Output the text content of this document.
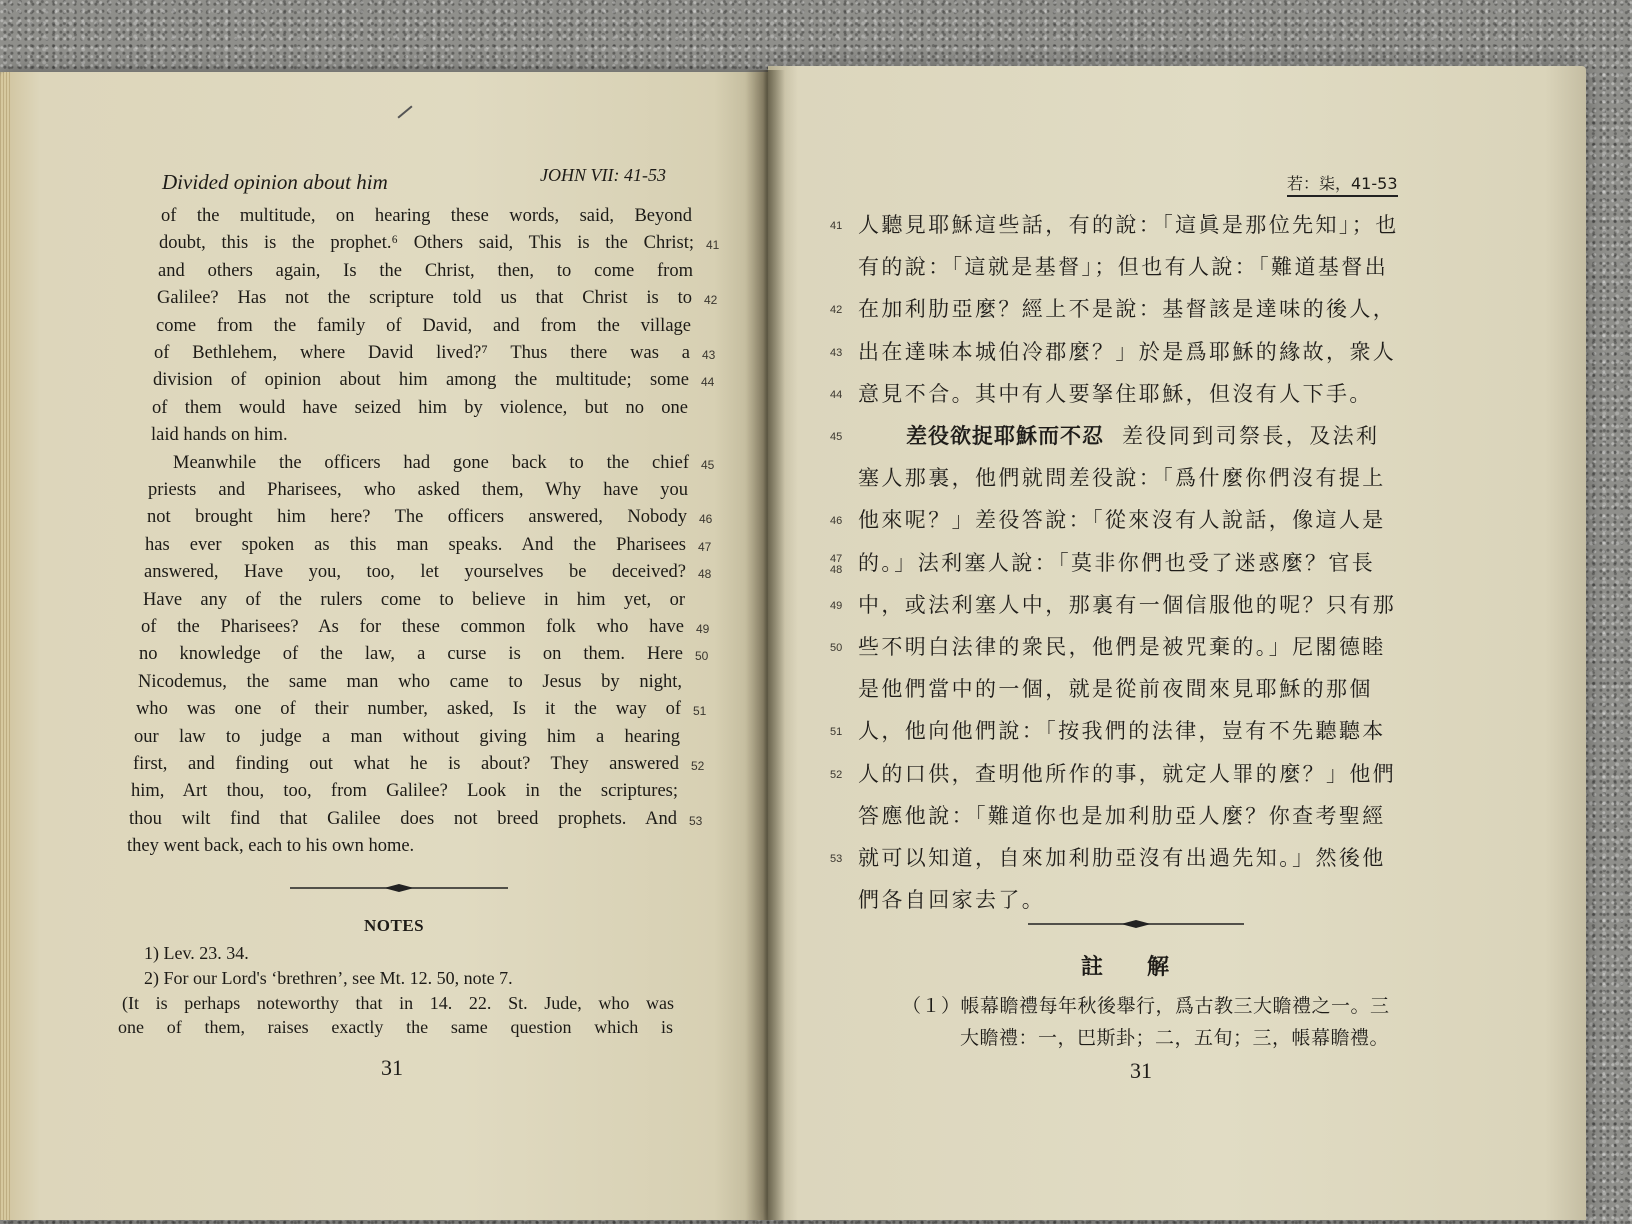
Divided opinion about him	JOHN VII: 41-53
of the multitude, on hearing these words, said, Beyond
doubt, this is the prophet.⁶ Others said, This is the Christ; 41
and others again, Is the Christ, then, to come from
Galilee? Has not the scripture told us that Christ is to 42
come from the family of David, and from the village
of Bethlehem, where David lived?⁷ Thus there was a 43
division of opinion about him among the multitude; some 44
of them would have seized him by violence, but no one
laid hands on him.
Meanwhile the officers had gone back to the chief 45
priests and Pharisees, who asked them, Why have you
not brought him here? The officers answered, Nobody 46
has ever spoken as this man speaks. And the Pharisees 47
answered, Have you, too, let yourselves be deceived? 48
Have any of the rulers come to believe in him yet, or
of the Pharisees? As for these common folk who have 49
no knowledge of the law, a curse is on them. Here 50
Nicodemus, the same man who came to Jesus by night,
who was one of their number, asked, Is it the way of 51
our law to judge a man without giving him a hearing
first, and finding out what he is about? They answered 52
him, Art thou, too, from Galilee? Look in the scriptures;
thou wilt find that Galilee does not breed prophets. And 53
they went back, each to his own home.
NOTES
1) Lev. 23. 34.
2) For our Lord's ‘brethren’, see Mt. 12. 50, note 7.
(It is perhaps noteworthy that in 14. 22. St. Jude, who was
one of them, raises exactly the same question which is
31
若：柒，41-53
人聽見耶穌這些話，有的說：「這眞是那位先知」；也
41
有的說：「這就是基督」；但也有人說：「難道基督出
在加利肋亞麼？經上不是說：基督該是達味的後人，
42
出在達味本城伯冷郡麼？」於是爲耶穌的緣故，衆人
43
意見不合。其中有人要拏住耶穌，但沒有人下手。
44
差役欲捉耶穌而不忍 差役同到司祭長，及法利
45
塞人那裏，他們就問差役說：「爲什麼你們沒有提上
他來呢？」差役答說：「從來沒有人說話，像這人是
46
的。」法利塞人說：「莫非你們也受了迷惑麼？官長
47
48
中，或法利塞人中，那裏有一個信服他的呢？只有那
49
些不明白法律的衆民，他們是被咒棄的。」尼閣德睦
50
是他們當中的一個，就是從前夜間來見耶穌的那個
人，他向他們說：「按我們的法律，豈有不先聽聽本
51
人的口供，查明他所作的事，就定人罪的麼？」他們
52
答應他說：「難道你也是加利肋亞人麼？你查考聖經
就可以知道，自來加利肋亞沒有出過先知。」然後他
53
們各自回家去了。
註解
（１）帳幕瞻禮每年秋後舉行，爲古教三大瞻禮之一。三
大瞻禮：一，巴斯卦；二，五旬；三，帳幕瞻禮。
31
